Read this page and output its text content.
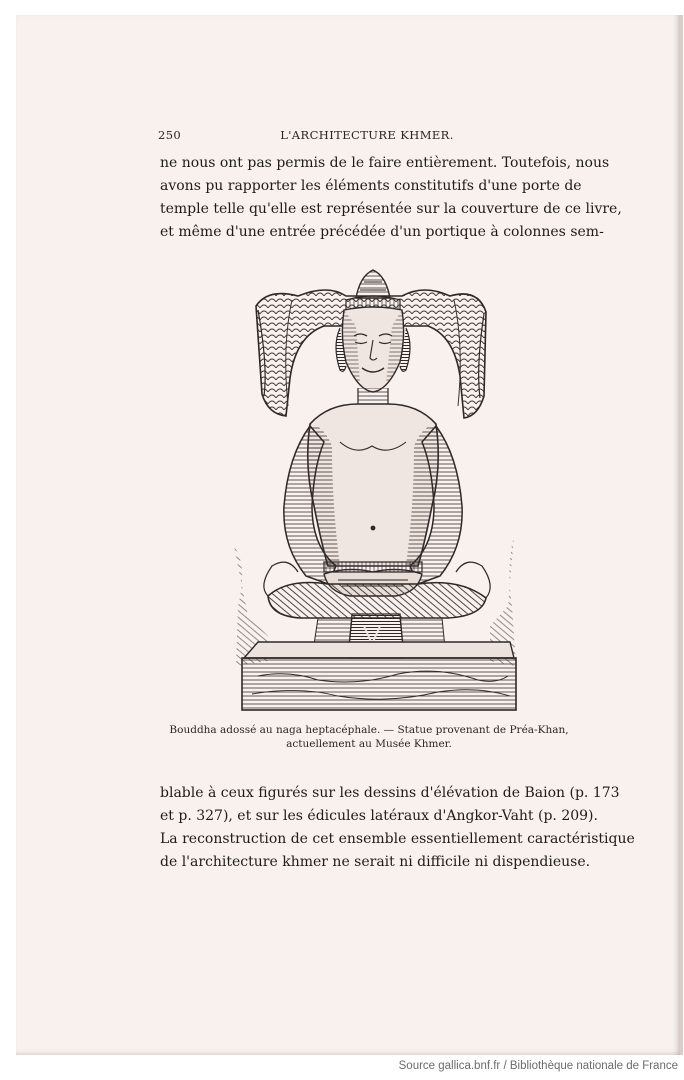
250	L'ARCHITECTURE KHMER.
ne nous ont pas permis de le faire entièrement. Toutefois, nous
avons pu rapporter les éléments constitutifs d'une porte de
temple telle qu'elle est représentée sur la couverture de ce livre,
et même d'une entrée précédée d'un portique à colonnes sem-
Bouddha adossé au naga heptacéphale. — Statue provenant de Préa-Khan,
actuellement au Musée Khmer.
blable à ceux figurés sur les dessins d'élévation de Baion (p. 173
et p. 327), et sur les édicules latéraux d'Angkor-Vaht (p. 209).
La reconstruction de cet ensemble essentiellement caractéristique
de l'architecture khmer ne serait ni difficile ni dispendieuse.
Source gallica.bnf.fr / Bibliothèque nationale de France
